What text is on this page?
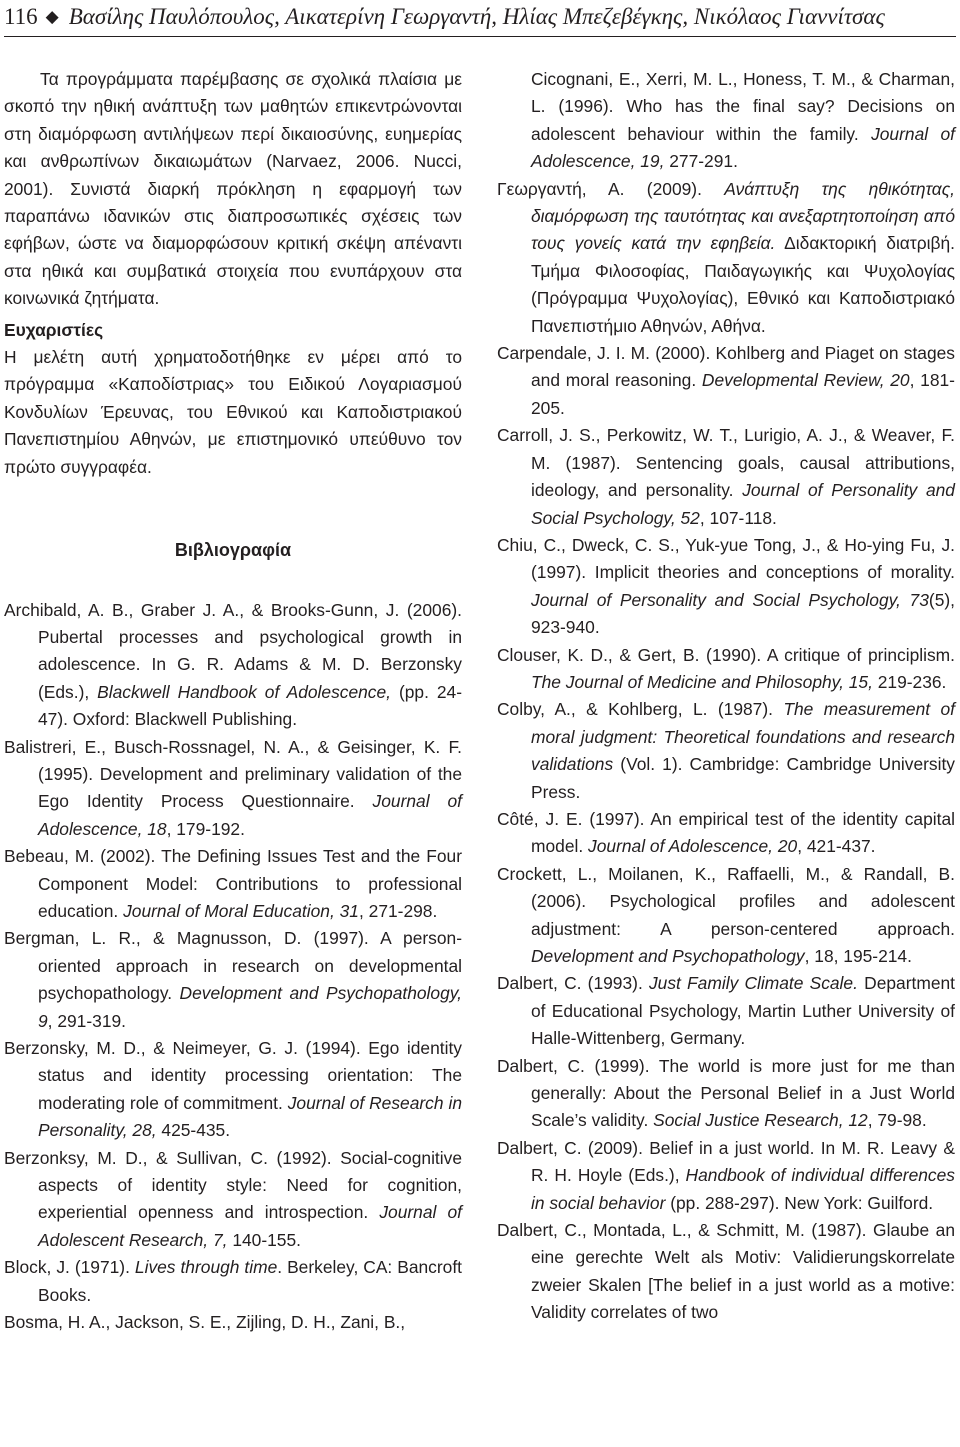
116 ◆ Βασίλης Παυλόπουλος, Αικατερίνη Γεωργαντή, Ηλίας Μπεζεβέγκης, Νικόλαος Γιαννίτσας

Τα προγράμματα παρέμβασης σε σχολικά πλαίσια με σκοπό την ηθική ανάπτυξη των μαθητών επικεντρώνονται στη διαμόρφωση αντιλήψεων περί δικαιοσύνης, ευημερίας και ανθρωπίνων δικαιωμάτων (Narvaez, 2006. Nucci, 2001). Συνιστά διαρκή πρόκληση η εφαρμογή των παραπάνω ιδανικών στις διαπροσωπικές σχέσεις των εφήβων, ώστε να διαμορφώσουν κριτική σκέψη απέναντι στα ηθικά και συμβατικά στοιχεία που ενυπάρχουν στα κοινωνικά ζητήματα.

Ευχαριστίες

Η μελέτη αυτή χρηματοδοτήθηκε εν μέρει από το πρόγραμμα «Καποδίστριας» του Ειδικού Λογαριασμού Κονδυλίων Έρευνας, του Εθνικού και Καποδιστριακού Πανεπιστημίου Αθηνών, με επιστημονικό υπεύθυνο τον πρώτο συγγραφέα.

Βιβλιογραφία

Archibald, A. B., Graber J. A., & Brooks-Gunn, J. (2006). Pubertal processes and psychological growth in adolescence. In G. R. Adams & M. D. Berzonsky (Eds.), Blackwell Handbook of Adolescence, (pp. 24-47). Oxford: Blackwell Publishing.

Balistreri, E., Busch-Rossnagel, N. A., & Geisinger, K. F. (1995). Development and preliminary validation of the Ego Identity Process Questionnaire. Journal of Adolescence, 18, 179-192.

Bebeau, M. (2002). The Defining Issues Test and the Four Component Model: Contributions to professional education. Journal of Moral Education, 31, 271-298.

Bergman, L. R., & Magnusson, D. (1997). A person-oriented approach in research on developmental psychopathology. Development and Psychopathology, 9, 291-319.

Berzonsky, M. D., & Neimeyer, G. J. (1994). Ego identity status and identity processing orientation: The moderating role of commitment. Journal of Research in Personality, 28, 425-435.

Berzonksy, M. D., & Sullivan, C. (1992). Social-cognitive aspects of identity style: Need for cognition, experiential openness and introspection. Journal of Adolescent Research, 7, 140-155.

Block, J. (1971). Lives through time. Berkeley, CA: Bancroft Books.

Bosma, H. A., Jackson, S. E., Zijling, D. H., Zani, B.,

Cicognani, E., Xerri, M. L., Honess, T. M., & Charman, L. (1996). Who has the final say? Decisions on adolescent behaviour within the family. Journal of Adolescence, 19, 277-291.

Γεωργαντή, Α. (2009). Ανάπτυξη της ηθικότητας, διαμόρφωση της ταυτότητας και ανεξαρτητοποίηση από τους γονείς κατά την εφηβεία. Διδακτορική διατριβή. Τμήμα Φιλοσοφίας, Παιδαγωγικής και Ψυχολογίας (Πρόγραμμα Ψυχολογίας), Εθνικό και Καποδιστριακό Πανεπιστήμιο Αθηνών, Αθήνα.

Carpendale, J. I. M. (2000). Kohlberg and Piaget on stages and moral reasoning. Developmental Review, 20, 181-205.

Carroll, J. S., Perkowitz, W. T., Lurigio, A. J., & Weaver, F. M. (1987). Sentencing goals, causal attributions, ideology, and personality. Journal of Personality and Social Psychology, 52, 107-118.

Chiu, C., Dweck, C. S., Yuk-yue Tong, J., & Ho-ying Fu, J. (1997). Implicit theories and conceptions of morality. Journal of Personality and Social Psychology, 73(5), 923-940.

Clouser, K. D., & Gert, B. (1990). A critique of principlism. The Journal of Medicine and Philosophy, 15, 219-236.

Colby, A., & Kohlberg, L. (1987). The measurement of moral judgment: Theoretical foundations and research validations (Vol. 1). Cambridge: Cambridge University Press.

Côté, J. E. (1997). An empirical test of the identity capital model. Journal of Adolescence, 20, 421-437.

Crockett, L., Moilanen, K., Raffaelli, M., & Randall, B. (2006). Psychological profiles and adolescent adjustment: A person-centered approach. Development and Psychopathology, 18, 195-214.

Dalbert, C. (1993). Just Family Climate Scale. Department of Educational Psychology, Martin Luther University of Halle-Wittenberg, Germany.

Dalbert, C. (1999). The world is more just for me than generally: About the Personal Belief in a Just World Scale’s validity. Social Justice Research, 12, 79-98.

Dalbert, C. (2009). Belief in a just world. In M. R. Leavy & R. H. Hoyle (Eds.), Handbook of individual differences in social behavior (pp. 288-297). New York: Guilford.

Dalbert, C., Montada, L., & Schmitt, M. (1987). Glaube an eine gerechte Welt als Motiv: Validierungskorrelate zweier Skalen [The belief in a just world as a motive: Validity correlates of two
